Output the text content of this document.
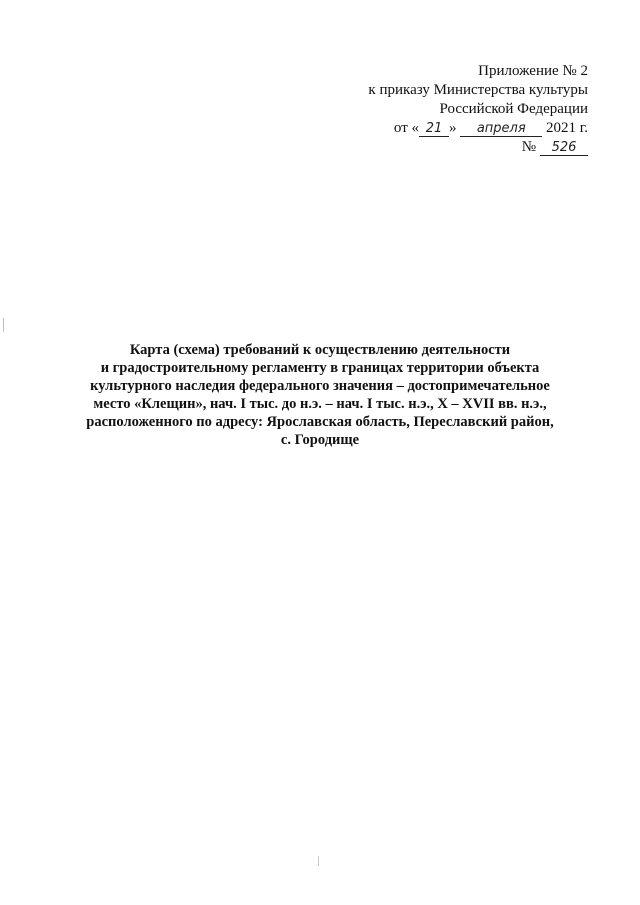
Приложение № 2
к приказу Министерства культуры
Российской Федерации
от « 21 » апреля 2021 г.
№ 526
Карта (схема) требований к осуществлению деятельности
и градостроительному регламенту в границах территории объекта
культурного наследия федерального значения – достопримечательное
место «Клещин», нач. I тыс. до н.э. – нач. I тыс. н.э., X – XVII вв. н.э.,
расположенного по адресу: Ярославская область, Переславский район,
с. Городище
